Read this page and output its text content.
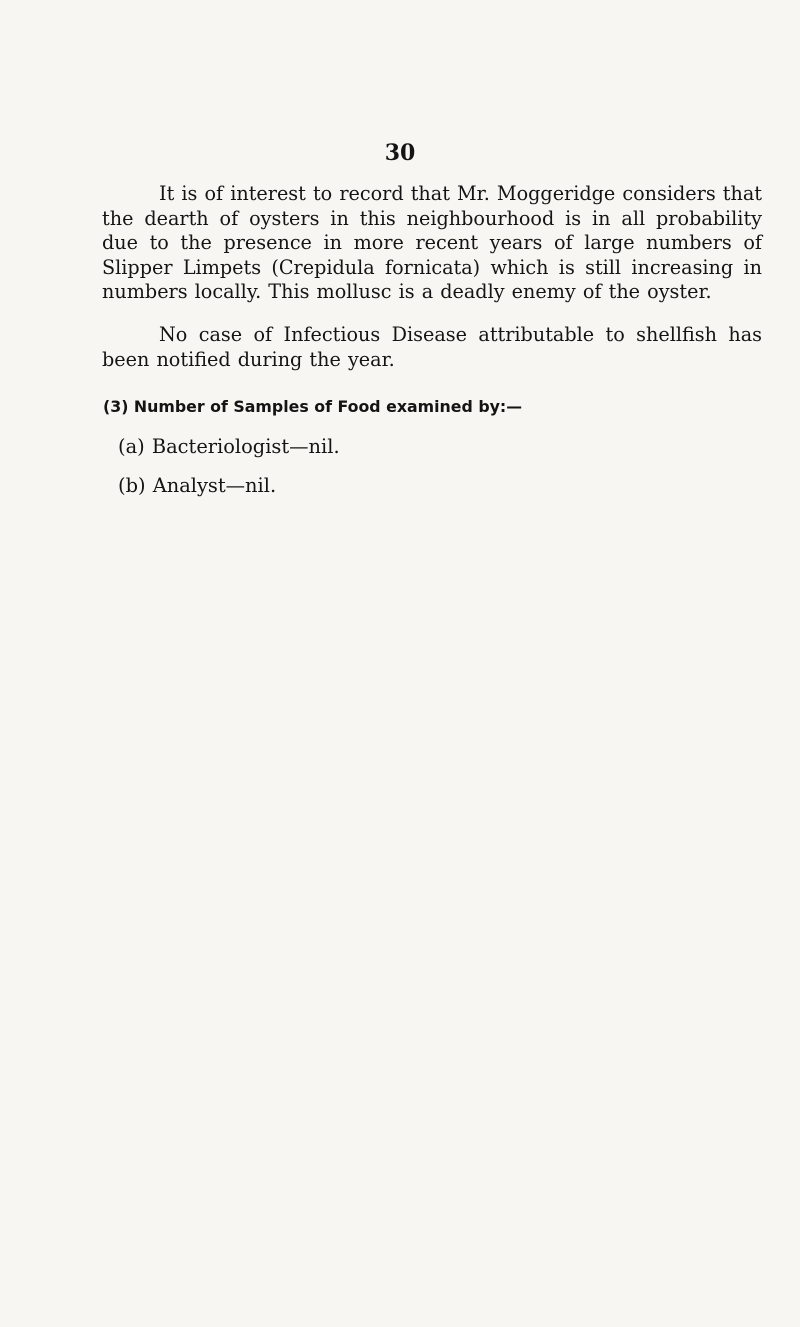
30

It is of interest to record that Mr. Moggeridge considers that the dearth of oysters in this neighbourhood is in all probability due to the presence in more recent years of large numbers of Slipper Limpets (Crepidula fornicata) which is still increasing in numbers locally. This mollusc is a deadly enemy of the oyster.

No case of Infectious Disease attributable to shellfish has been notified during the year.

(3) Number of Samples of Food examined by:—
(a) Bacteriologist—nil.
(b) Analyst—nil.
